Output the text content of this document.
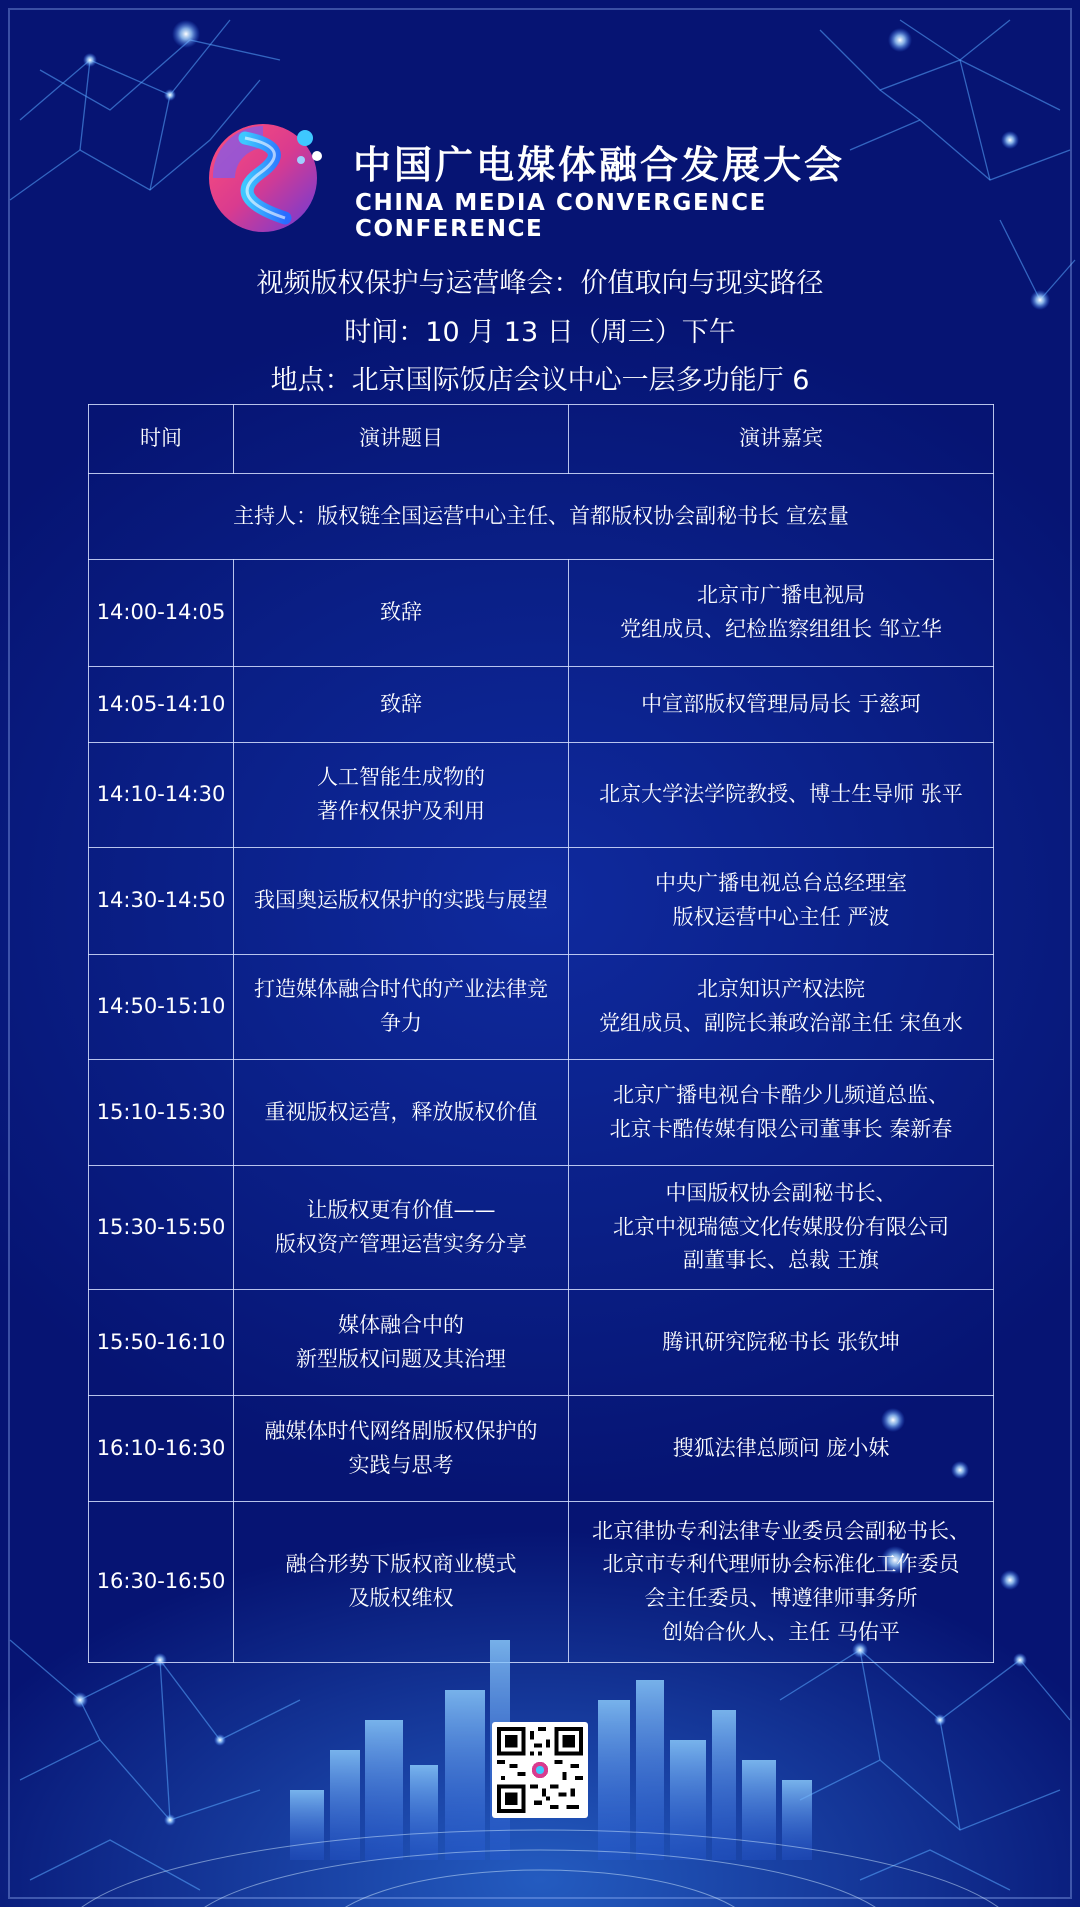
中国广电媒体融合发展大会
CHINA MEDIA CONVERGENCE CONFERENCE
视频版权保护与运营峰会：价值取向与现实路径
时间：10 月 13 日（周三）下午
地点：北京国际饭店会议中心一层多功能厅 6
时间	演讲题目	演讲嘉宾
主持人：版权链全国运营中心主任、首都版权协会副秘书长 宣宏量		
14:00-14:05	致辞	北京市广播电视局
党组成员、纪检监察组组长 邹立华

14:05-14:10	致辞	中宣部版权管理局局长 于慈珂

14:10-14:30	人工智能生成物的
著作权保护及利用	北京大学法学院教授、博士生导师 张平

14:30-14:50	我国奥运版权保护的实践与展望	中央广播电视总台总经理室
版权运营中心主任 严波

14:50-15:10	打造媒体融合时代的产业法律竞
争力	北京知识产权法院
党组成员、副院长兼政治部主任 宋鱼水

15:10-15:30	重视版权运营，释放版权价值	北京广播电视台卡酷少儿频道总监、
北京卡酷传媒有限公司董事长 秦新春

15:30-15:50	让版权更有价值——
版权资产管理运营实务分享	中国版权协会副秘书长、
北京中视瑞德文化传媒股份有限公司
副董事长、总裁 王旗

15:50-16:10	媒体融合中的
新型版权问题及其治理	腾讯研究院秘书长 张钦坤

16:10-16:30	融媒体时代网络剧版权保护的
实践与思考	搜狐法律总顾问 庞小妹

16:30-16:50	融合形势下版权商业模式
及版权维权	北京律协专利法律专业委员会副秘书长、
北京市专利代理师协会标准化工作委员
会主任委员、博遵律师事务所
创始合伙人、主任 马佑平
